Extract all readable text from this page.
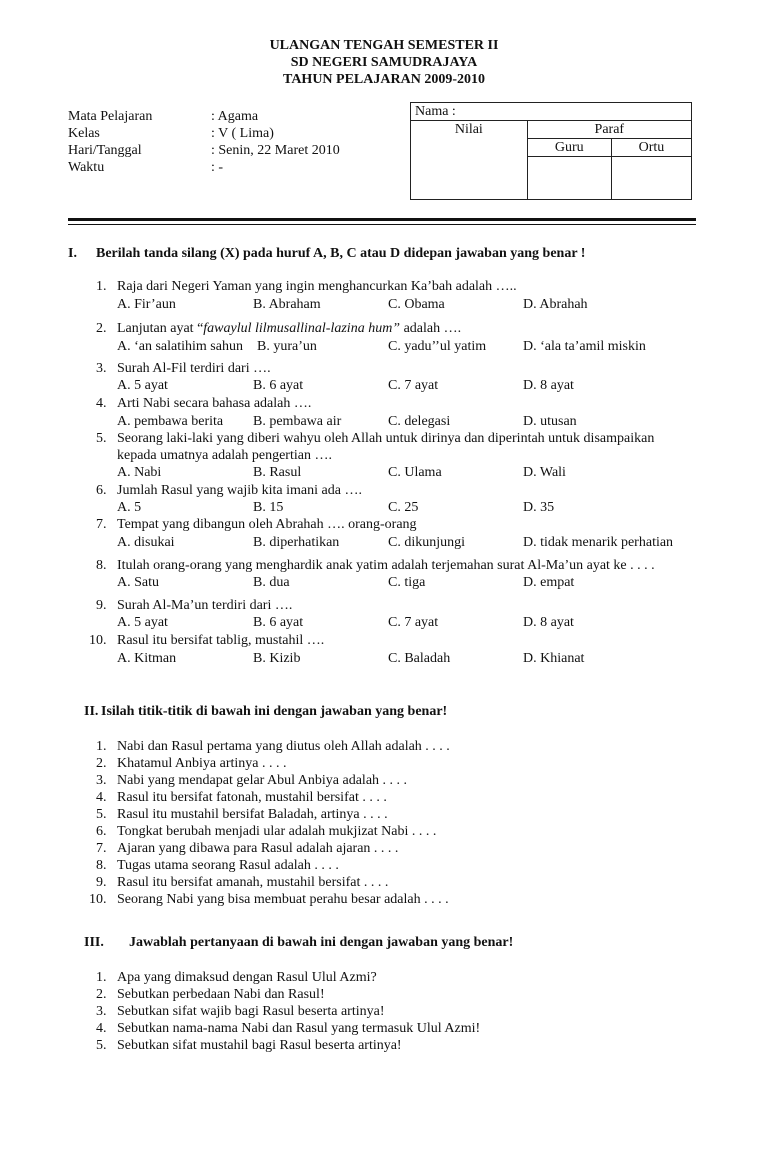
ULANGAN TENGAH SEMESTER II
SD NEGERI SAMUDRAJAYA
TAHUN PELAJARAN 2009-2010
Mata Pelajaran	: Agama
Kelas	: V ( Lima)
Hari/Tanggal	: Senin, 22 Maret 2010
Waktu	: -
Nama :		
Nilai	Paraf	
	Guru	Ortu

I. Berilah tanda silang (X) pada huruf A, B, C atau D didepan jawaban yang benar !
1. Raja dari Negeri Yaman yang ingin menghancurkan Ka’bah adalah …..
A. Fir’aun	B. Abraham	C. Obama	D. Abrahah
2. Lanjutan ayat “fawaylul lilmusallinal-lazina hum” adalah ….
A. ‘an salatihim sahun B. yura’un	C. yadu’’ul yatim	D. ‘ala ta’amil miskin
3. Surah Al-Fil terdiri dari ….
A. 5 ayat	B. 6 ayat	C. 7 ayat	D. 8 ayat
4. Arti Nabi secara bahasa adalah ….
A. pembawa berita B. pembawa air	C. delegasi	D. utusan
5. Seorang laki-laki yang diberi wahyu oleh Allah untuk dirinya dan diperintah untuk disampaikan
kepada umatnya adalah pengertian ….
A. Nabi	B. Rasul	C. Ulama	D. Wali
6. Jumlah Rasul yang wajib kita imani ada ….
A. 5	B. 15	C. 25	D. 35
7. Tempat yang dibangun oleh Abrahah …. orang-orang
A. disukai	B. diperhatikan	C. dikunjungi	D. tidak menarik perhatian
8. Itulah orang-orang yang menghardik anak yatim adalah terjemahan surat Al-Ma’un ayat ke . . . .
A. Satu	B. dua	C. tiga	D. empat
9. Surah Al-Ma’un terdiri dari ….
A. 5 ayat	B. 6 ayat	C. 7 ayat	D. 8 ayat
10. Rasul itu bersifat tablig, mustahil ….
A. Kitman	B. Kizib	C. Baladah	D. Khianat
II. Isilah titik-titik di bawah ini dengan jawaban yang benar!
1. Nabi dan Rasul pertama yang diutus oleh Allah adalah . . . .
2. Khatamul Anbiya artinya . . . .
3. Nabi yang mendapat gelar Abul Anbiya adalah . . . .
4. Rasul itu bersifat fatonah, mustahil bersifat . . . .
5. Rasul itu mustahil bersifat Baladah, artinya . . . .
6. Tongkat berubah menjadi ular adalah mukjizat Nabi . . . .
7. Ajaran yang dibawa para Rasul adalah ajaran . . . .
8. Tugas utama seorang Rasul adalah . . . .
9. Rasul itu bersifat amanah, mustahil bersifat . . . .
10. Seorang Nabi yang bisa membuat perahu besar adalah . . . .
III. Jawablah pertanyaan di bawah ini dengan jawaban yang benar!
1. Apa yang dimaksud dengan Rasul Ulul Azmi?
2. Sebutkan perbedaan Nabi dan Rasul!
3. Sebutkan sifat wajib bagi Rasul beserta artinya!
4. Sebutkan nama-nama Nabi dan Rasul yang termasuk Ulul Azmi!
5. Sebutkan sifat mustahil bagi Rasul beserta artinya!
